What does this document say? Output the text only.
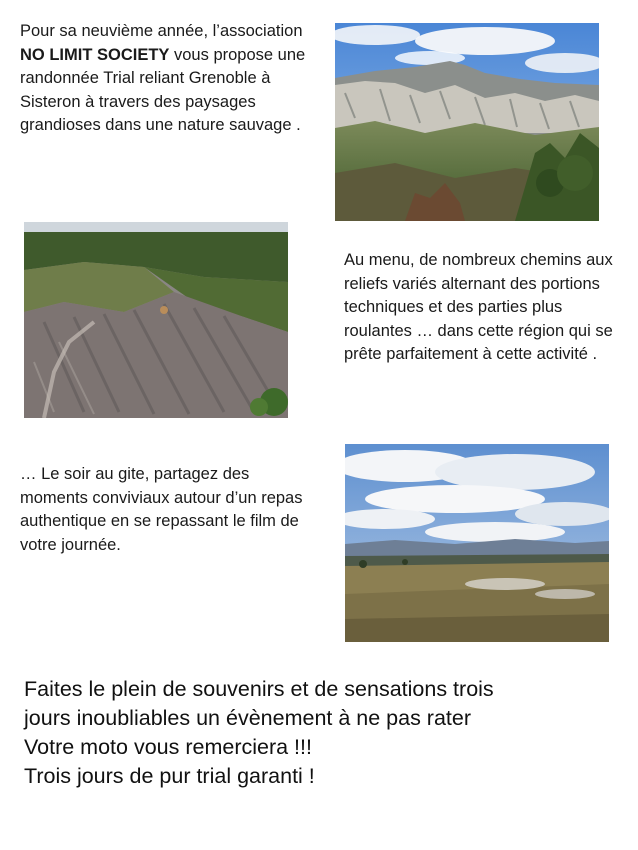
Pour sa neuvième année, l’association NO LIMIT SOCIETY vous propose une randonnée Trial reliant Grenoble à Sisteron à travers des paysages grandioses dans une nature sauvage .

Au menu, de nombreux chemins aux reliefs variés alternant des portions techniques et des parties plus roulantes … dans cette région qui se prête parfaitement à cette activité .

… Le soir au gite, partagez des moments conviviaux autour d’un repas authentique en se repassant le film de votre journée.

Faites le plein de souvenirs et de sensations trois
jours inoubliables un évènement à ne pas rater
Votre moto vous remerciera !!!
Trois jours de pur trial garanti !
